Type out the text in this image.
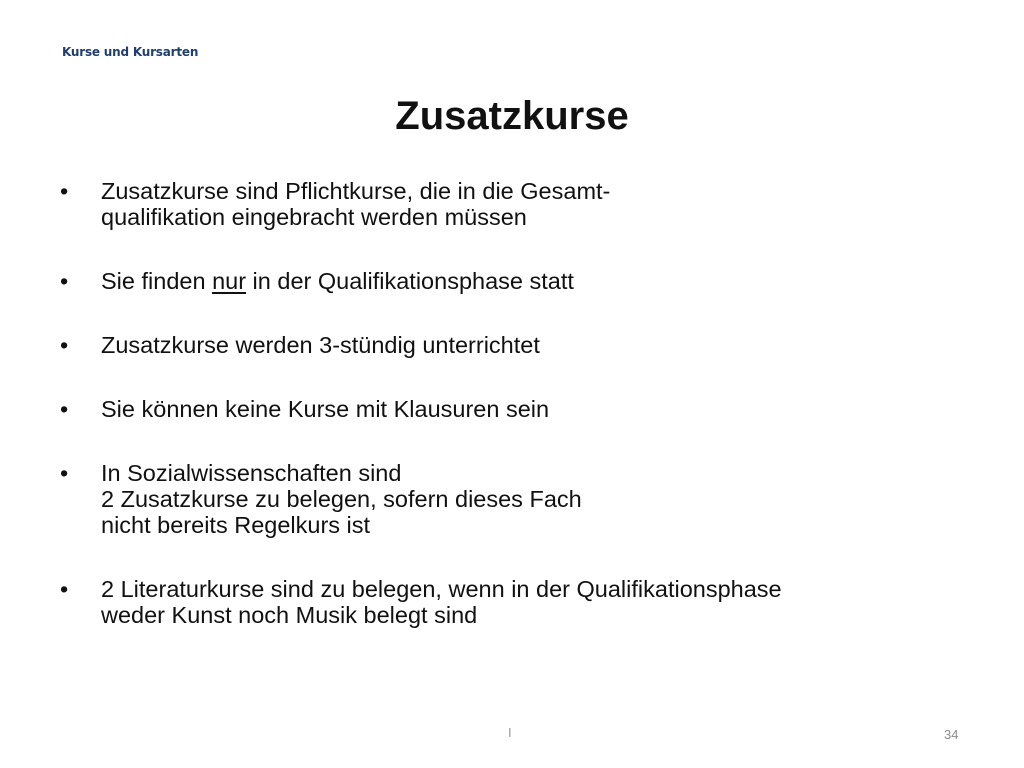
Kurse und Kursarten
Zusatzkurse
• Zusatzkurse sind Pflichtkurse, die in die Gesamt-
qualifikation eingebracht werden müssen
• Sie finden nur in der Qualifikationsphase statt
• Zusatzkurse werden 3-stündig unterrichtet
• Sie können keine Kurse mit Klausuren sein
• In Sozialwissenschaften sind
2 Zusatzkurse zu belegen, sofern dieses Fach
nicht bereits Regelkurs ist
• 2 Literaturkurse sind zu belegen, wenn in der Qualifikationsphase
weder Kunst noch Musik belegt sind
I	34
